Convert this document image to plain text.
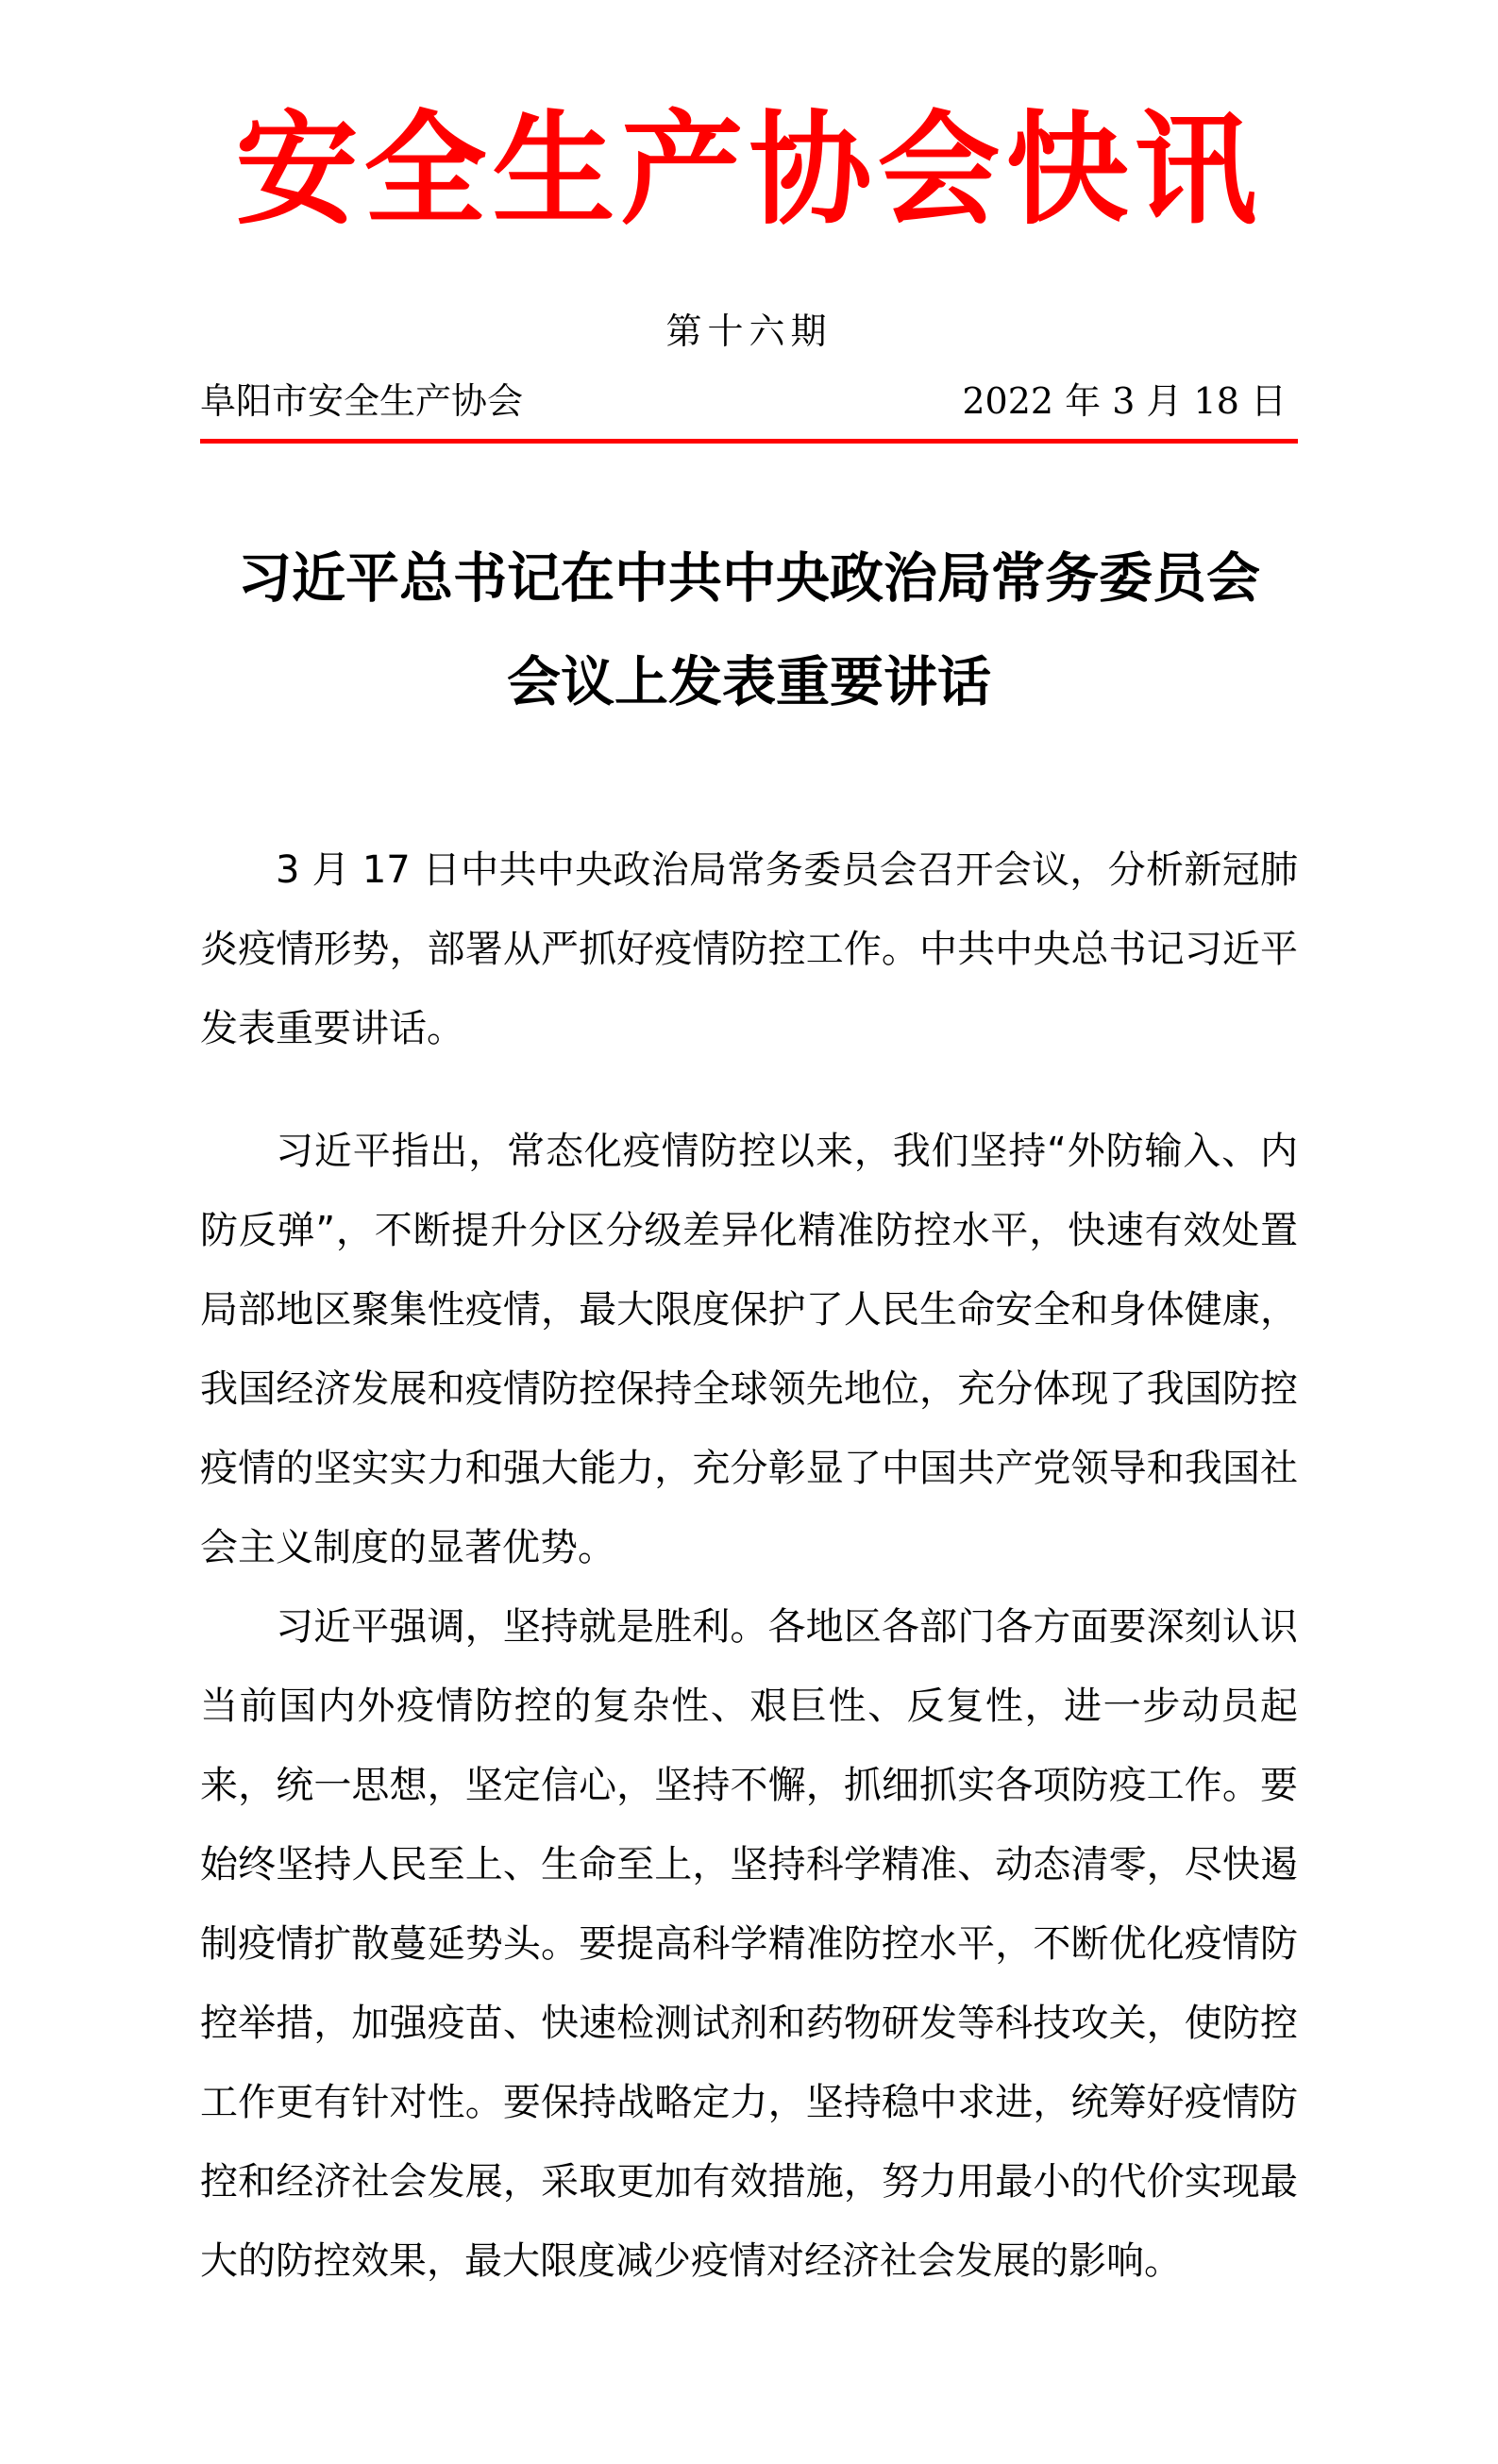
安全生产协会快讯
第十六期
阜阳市安全生产协会	2022 年 3 月 18 日
习近平总书记在中共中央政治局常务委员会
会议上发表重要讲话

3 月 17 日中共中央政治局常务委员会召开会议，分析新冠肺炎疫情形势，部署从严抓好疫情防控工作。中共中央总书记习近平发表重要讲话。

习近平指出，常态化疫情防控以来，我们坚持“外防输入、内防反弹”，不断提升分区分级差异化精准防控水平，快速有效处置局部地区聚集性疫情，最大限度保护了人民生命安全和身体健康，我国经济发展和疫情防控保持全球领先地位，充分体现了我国防控疫情的坚实实力和强大能力，充分彰显了中国共产党领导和我国社会主义制度的显著优势。

习近平强调，坚持就是胜利。各地区各部门各方面要深刻认识当前国内外疫情防控的复杂性、艰巨性、反复性，进一步动员起来，统一思想，坚定信心，坚持不懈，抓细抓实各项防疫工作。要始终坚持人民至上、生命至上，坚持科学精准、动态清零，尽快遏制疫情扩散蔓延势头。要提高科学精准防控水平，不断优化疫情防控举措，加强疫苗、快速检测试剂和药物研发等科技攻关，使防控工作更有针对性。要保持战略定力，坚持稳中求进，统筹好疫情防控和经济社会发展，采取更加有效措施，努力用最小的代价实现最大的防控效果，最大限度减少疫情对经济社会发展的影响。
